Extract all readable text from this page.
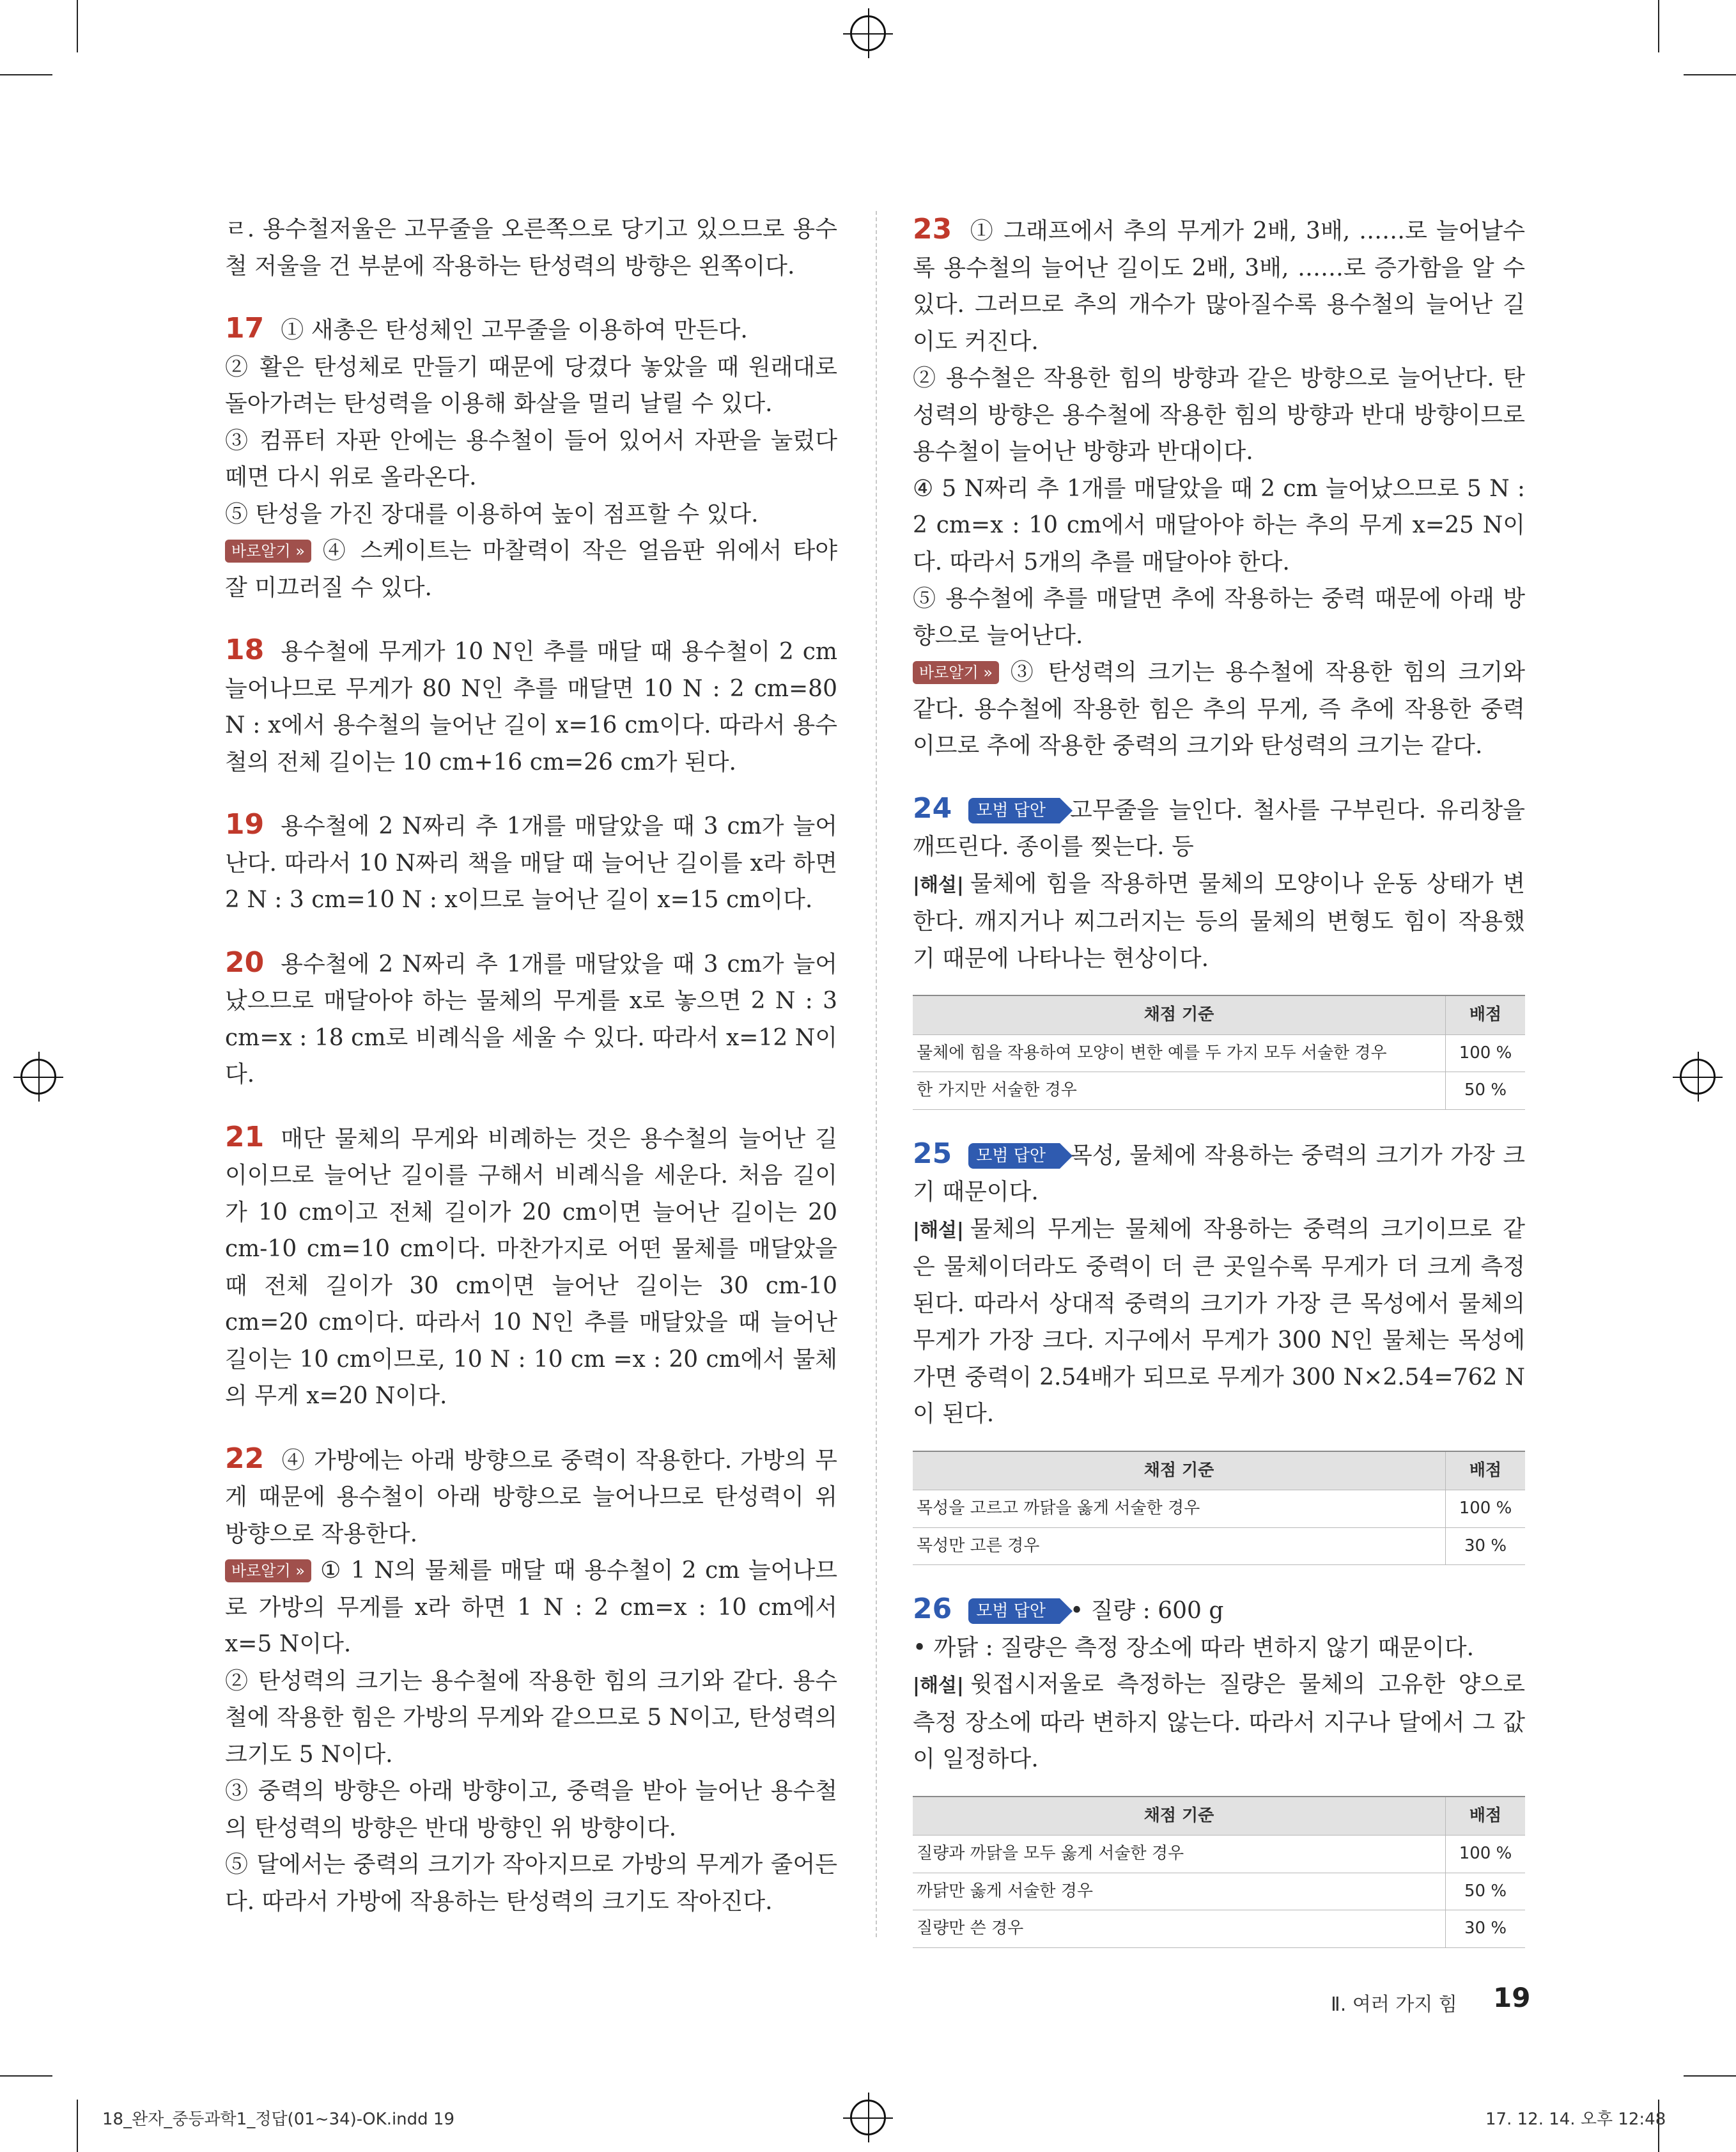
ㄹ. 용수철저울은 고무줄을 오른쪽으로 당기고 있으므로 용수철 저울을 건 부분에 작용하는 탄성력의 방향은 왼쪽이다.

17 ① 새총은 탄성체인 고무줄을 이용하여 만든다.

② 활은 탄성체로 만들기 때문에 당겼다 놓았을 때 원래대로 돌아가려는 탄성력을 이용해 화살을 멀리 날릴 수 있다.

③ 컴퓨터 자판 안에는 용수철이 들어 있어서 자판을 눌렀다 떼면 다시 위로 올라온다.

⑤ 탄성을 가진 장대를 이용하여 높이 점프할 수 있다.

바로알기 » ④ 스케이트는 마찰력이 작은 얼음판 위에서 타야 잘 미끄러질 수 있다.

18 용수철에 무게가 10 N인 추를 매달 때 용수철이 2 cm 늘어나므로 무게가 80 N인 추를 매달면 10 N : 2 cm=80 N : x에서 용수철의 늘어난 길이 x=16 cm이다. 따라서 용수철의 전체 길이는 10 cm+16 cm=26 cm가 된다.

19 용수철에 2 N짜리 추 1개를 매달았을 때 3 cm가 늘어난다. 따라서 10 N짜리 책을 매달 때 늘어난 길이를 x라 하면 2 N : 3 cm=10 N : x이므로 늘어난 길이 x=15 cm이다.

20 용수철에 2 N짜리 추 1개를 매달았을 때 3 cm가 늘어났으므로 매달아야 하는 물체의 무게를 x로 놓으면 2 N : 3 cm=x : 18 cm로 비례식을 세울 수 있다. 따라서 x=12 N이다.

21 매단 물체의 무게와 비례하는 것은 용수철의 늘어난 길이이므로 늘어난 길이를 구해서 비례식을 세운다. 처음 길이가 10 cm이고 전체 길이가 20 cm이면 늘어난 길이는 20 cm-10 cm=10 cm이다. 마찬가지로 어떤 물체를 매달았을 때 전체 길이가 30 cm이면 늘어난 길이는 30 cm-10 cm=20 cm이다. 따라서 10 N인 추를 매달았을 때 늘어난 길이는 10 cm이므로, 10 N : 10 cm =x : 20 cm에서 물체의 무게 x=20 N이다.

22 ④ 가방에는 아래 방향으로 중력이 작용한다. 가방의 무게 때문에 용수철이 아래 방향으로 늘어나므로 탄성력이 위 방향으로 작용한다.

바로알기 » ① 1 N의 물체를 매달 때 용수철이 2 cm 늘어나므로 가방의 무게를 x라 하면 1 N : 2 cm=x : 10 cm에서 x=5 N이다.

② 탄성력의 크기는 용수철에 작용한 힘의 크기와 같다. 용수철에 작용한 힘은 가방의 무게와 같으므로 5 N이고, 탄성력의 크기도 5 N이다.

③ 중력의 방향은 아래 방향이고, 중력을 받아 늘어난 용수철의 탄성력의 방향은 반대 방향인 위 방향이다.

⑤ 달에서는 중력의 크기가 작아지므로 가방의 무게가 줄어든다. 따라서 가방에 작용하는 탄성력의 크기도 작아진다.

23 ① 그래프에서 추의 무게가 2배, 3배, ……로 늘어날수록 용수철의 늘어난 길이도 2배, 3배, ……로 증가함을 알 수 있다. 그러므로 추의 개수가 많아질수록 용수철의 늘어난 길이도 커진다.

② 용수철은 작용한 힘의 방향과 같은 방향으로 늘어난다. 탄성력의 방향은 용수철에 작용한 힘의 방향과 반대 방향이므로 용수철이 늘어난 방향과 반대이다.

④ 5 N짜리 추 1개를 매달았을 때 2 cm 늘어났으므로 5 N : 2 cm=x : 10 cm에서 매달아야 하는 추의 무게 x=25 N이다. 따라서 5개의 추를 매달아야 한다.

⑤ 용수철에 추를 매달면 추에 작용하는 중력 때문에 아래 방향으로 늘어난다.

바로알기 » ③ 탄성력의 크기는 용수철에 작용한 힘의 크기와 같다. 용수철에 작용한 힘은 추의 무게, 즉 추에 작용한 중력이므로 추에 작용한 중력의 크기와 탄성력의 크기는 같다.

24 모범 답안 고무줄을 늘인다. 철사를 구부린다. 유리창을 깨뜨린다. 종이를 찢는다. 등

|해설| 물체에 힘을 작용하면 물체의 모양이나 운동 상태가 변한다. 깨지거나 찌그러지는 등의 물체의 변형도 힘이 작용했기 때문에 나타나는 현상이다.

채점 기준	배점
물체에 힘을 작용하여 모양이 변한 예를 두 가지 모두 서술한 경우	100 %
한 가지만 서술한 경우	50 %

25 모범 답안 목성, 물체에 작용하는 중력의 크기가 가장 크기 때문이다.

|해설| 물체의 무게는 물체에 작용하는 중력의 크기이므로 같은 물체이더라도 중력이 더 큰 곳일수록 무게가 더 크게 측정된다. 따라서 상대적 중력의 크기가 가장 큰 목성에서 물체의 무게가 가장 크다. 지구에서 무게가 300 N인 물체는 목성에 가면 중력이 2.54배가 되므로 무게가 300 N×2.54=762 N이 된다.

채점 기준	배점
목성을 고르고 까닭을 옳게 서술한 경우	100 %
목성만 고른 경우	30 %

26 모범 답안 • 질량 : 600 g

• 까닭 : 질량은 측정 장소에 따라 변하지 않기 때문이다.

|해설| 윗접시저울로 측정하는 질량은 물체의 고유한 양으로 측정 장소에 따라 변하지 않는다. 따라서 지구나 달에서 그 값이 일정하다.

채점 기준	배점
질량과 까닭을 모두 옳게 서술한 경우	100 %
까닭만 옳게 서술한 경우	50 %
질량만 쓴 경우	30 %
Ⅱ. 여러 가지 힘 19
18_완자_중등과학1_정답(01~34)-OK.indd 19	17. 12. 14. 오후 12:48
